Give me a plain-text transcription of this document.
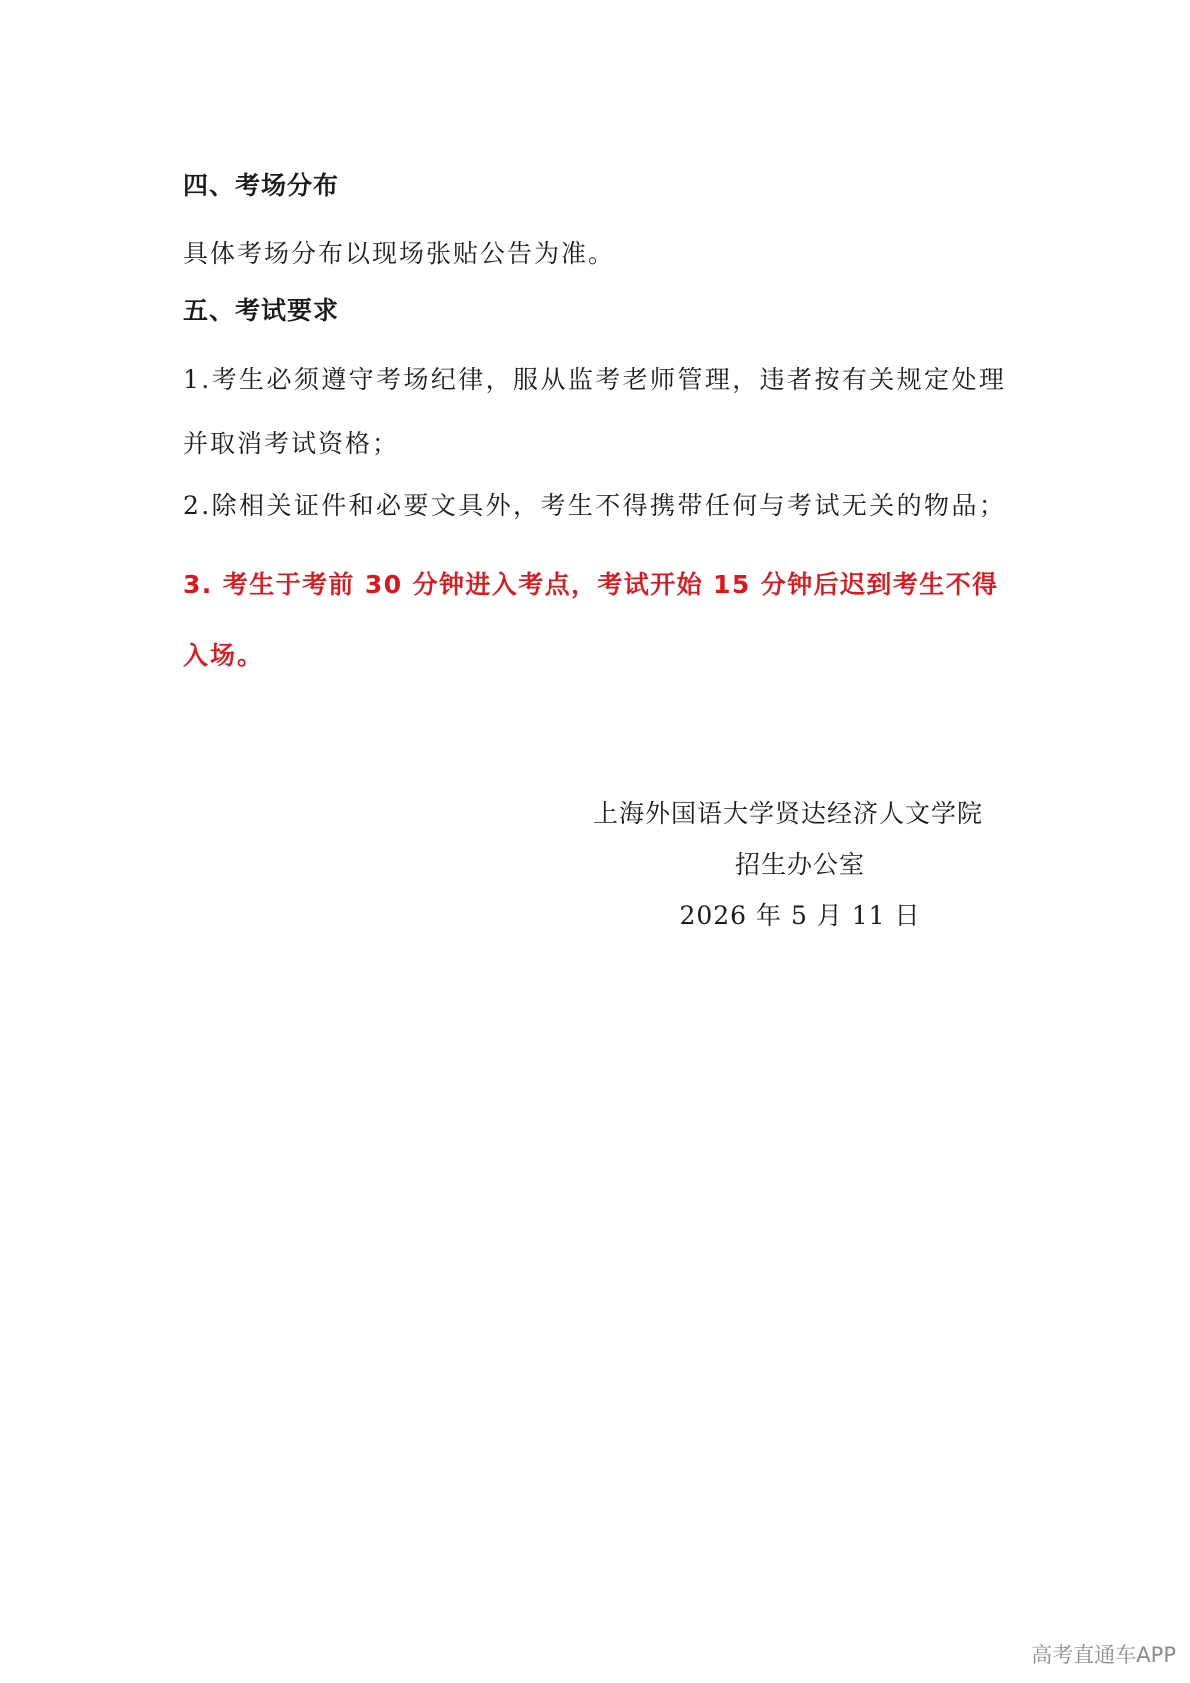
四、考场分布
具体考场分布以现场张贴公告为准。
五、考试要求
1.考生必须遵守考场纪律，服从监考老师管理，违者按有关规定处理
并取消考试资格；
2.除相关证件和必要文具外，考生不得携带任何与考试无关的物品；
3. 考生于考前 30 分钟进入考点，考试开始 15 分钟后迟到考生不得
入场。
上海外国语大学贤达经济人文学院
招生办公室
2026 年 5 月 11 日
高考直通车APP
